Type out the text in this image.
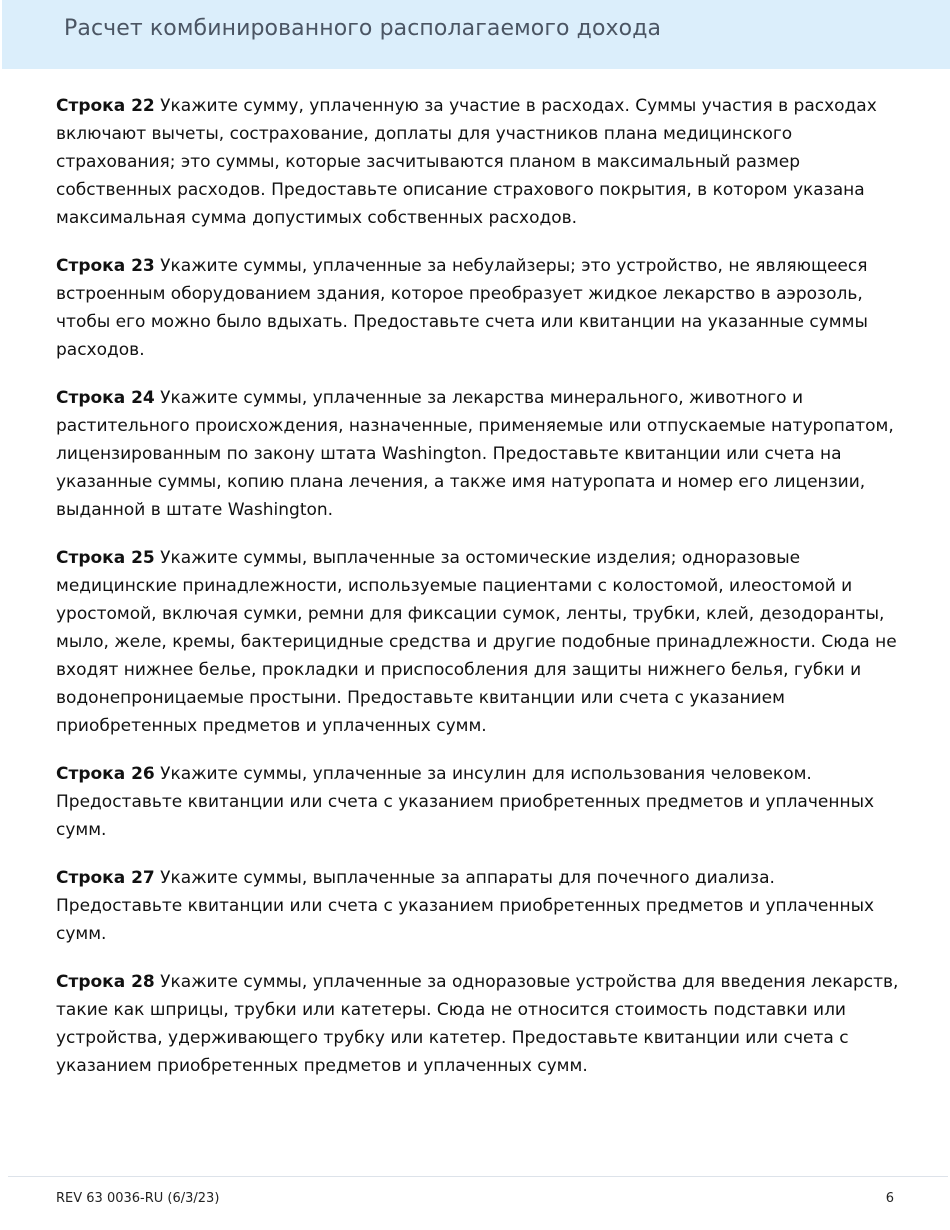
Расчет комбинированного располагаемого дохода

Строка 22 Укажите сумму, уплаченную за участие в расходах. Суммы участия в расходах включают вычеты, сострахование, доплаты для участников плана медицинского страхования; это суммы, которые засчитываются планом в максимальный размер собственных расходов. Предоставьте описание страхового покрытия, в котором указана максимальная сумма допустимых собственных расходов.

Строка 23 Укажите суммы, уплаченные за небулайзеры; это устройство, не являющееся встроенным оборудованием здания, которое преобразует жидкое лекарство в аэрозоль, чтобы его можно было вдыхать. Предоставьте счета или квитанции на указанные суммы расходов.

Строка 24 Укажите суммы, уплаченные за лекарства минерального, животного и растительного происхождения, назначенные, применяемые или отпускаемые натуропатом, лицензированным по закону штата Washington. Предоставьте квитанции или счета на указанные суммы, копию плана лечения, а также имя натуропата и номер его лицензии, выданной в штате Washington.

Строка 25 Укажите суммы, выплаченные за остомические изделия; одноразовые медицинские принадлежности, используемые пациентами с колостомой, илеостомой и уростомой, включая сумки, ремни для фиксации сумок, ленты, трубки, клей, дезодоранты, мыло, желе, кремы, бактерицидные средства и другие подобные принадлежности. Сюда не входят нижнее белье, прокладки и приспособления для защиты нижнего белья, губки и водонепроницаемые простыни. Предоставьте квитанции или счета с указанием приобретенных предметов и уплаченных сумм.

Строка 26 Укажите суммы, уплаченные за инсулин для использования человеком. Предоставьте квитанции или счета с указанием приобретенных предметов и уплаченных сумм.

Строка 27 Укажите суммы, выплаченные за аппараты для почечного диализа. Предоставьте квитанции или счета с указанием приобретенных предметов и уплаченных сумм.

Строка 28 Укажите суммы, уплаченные за одноразовые устройства для введения лекарств, такие как шприцы, трубки или катетеры. Сюда не относится стоимость подставки или устройства, удерживающего трубку или катетер. Предоставьте квитанции или счета с указанием приобретенных предметов и уплаченных сумм.

REV 63 0036-RU (6/3/23)	6
